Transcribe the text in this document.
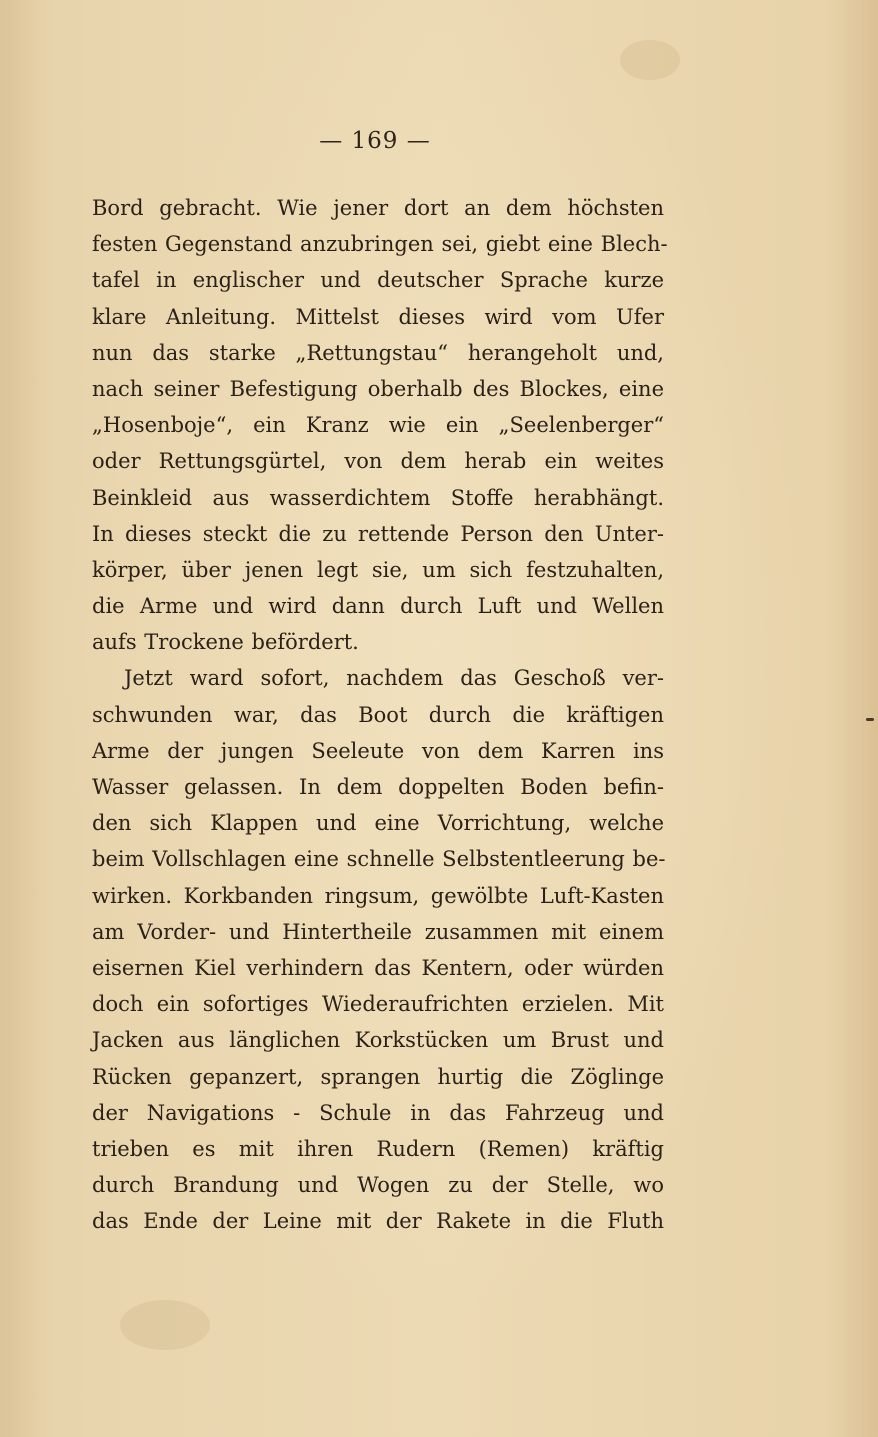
— 169 —
Bord gebracht. Wie jener dort an dem höchsten
festen Gegenstand anzubringen sei, giebt eine Blech-
tafel in englischer und deutscher Sprache kurze
klare Anleitung. Mittelst dieses wird vom Ufer
nun das starke „Rettungstau“ herangeholt und,
nach seiner Befestigung oberhalb des Blockes, eine
„Hosenboje“, ein Kranz wie ein „Seelenberger“
oder Rettungsgürtel, von dem herab ein weites
Beinkleid aus wasserdichtem Stoffe herabhängt.
In dieses steckt die zu rettende Person den Unter-
körper, über jenen legt sie, um sich festzuhalten,
die Arme und wird dann durch Luft und Wellen
aufs Trockene befördert.
Jetzt ward sofort, nachdem das Geschoß ver-
schwunden war, das Boot durch die kräftigen
Arme der jungen Seeleute von dem Karren ins
Wasser gelassen. In dem doppelten Boden befin-
den sich Klappen und eine Vorrichtung, welche
beim Vollschlagen eine schnelle Selbstentleerung be-
wirken. Korkbanden ringsum, gewölbte Luft-Kasten
am Vorder- und Hintertheile zusammen mit einem
eisernen Kiel verhindern das Kentern, oder würden
doch ein sofortiges Wiederaufrichten erzielen. Mit
Jacken aus länglichen Korkstücken um Brust und
Rücken gepanzert, sprangen hurtig die Zöglinge
der Navigations - Schule in das Fahrzeug und
trieben es mit ihren Rudern (Remen) kräftig
durch Brandung und Wogen zu der Stelle, wo
das Ende der Leine mit der Rakete in die Fluth
